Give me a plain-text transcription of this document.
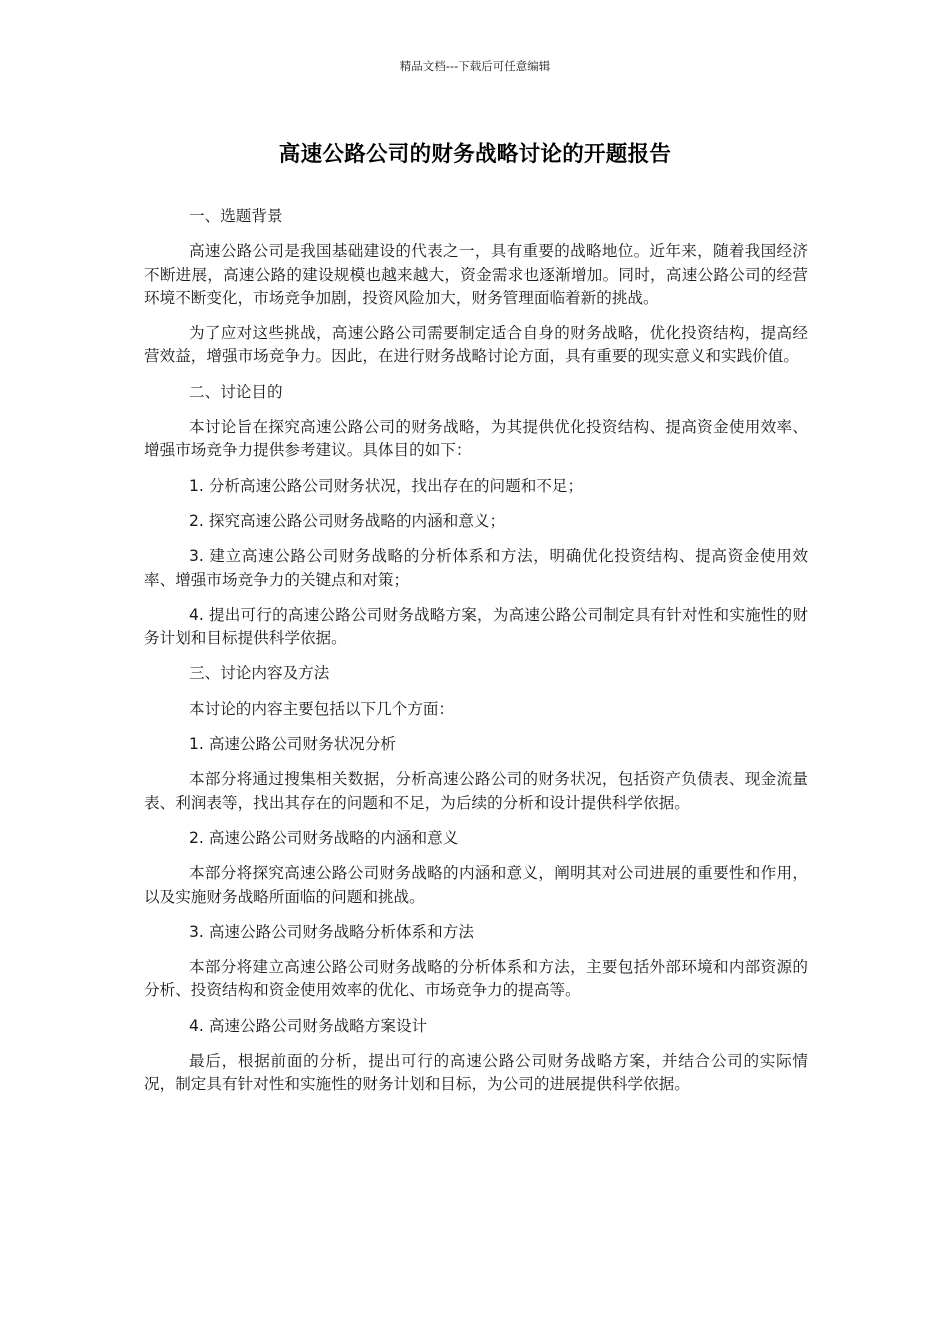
精品文档---下载后可任意编辑
高速公路公司的财务战略讨论的开题报告

一、选题背景

高速公路公司是我国基础建设的代表之一，具有重要的战略地位。近年来，随着我国经济不断进展，高速公路的建设规模也越来越大，资金需求也逐渐增加。同时，高速公路公司的经营环境不断变化，市场竞争加剧，投资风险加大，财务管理面临着新的挑战。

为了应对这些挑战，高速公路公司需要制定适合自身的财务战略，优化投资结构，提高经营效益，增强市场竞争力。因此，在进行财务战略讨论方面，具有重要的现实意义和实践价值。

二、讨论目的

本讨论旨在探究高速公路公司的财务战略，为其提供优化投资结构、提高资金使用效率、增强市场竞争力提供参考建议。具体目的如下：

1. 分析高速公路公司财务状况，找出存在的问题和不足；

2. 探究高速公路公司财务战略的内涵和意义；

3. 建立高速公路公司财务战略的分析体系和方法，明确优化投资结构、提高资金使用效率、增强市场竞争力的关键点和对策；

4. 提出可行的高速公路公司财务战略方案，为高速公路公司制定具有针对性和实施性的财务计划和目标提供科学依据。

三、讨论内容及方法

本讨论的内容主要包括以下几个方面：

1. 高速公路公司财务状况分析

本部分将通过搜集相关数据，分析高速公路公司的财务状况，包括资产负债表、现金流量表、利润表等，找出其存在的问题和不足，为后续的分析和设计提供科学依据。

2. 高速公路公司财务战略的内涵和意义

本部分将探究高速公路公司财务战略的内涵和意义，阐明其对公司进展的重要性和作用，以及实施财务战略所面临的问题和挑战。

3. 高速公路公司财务战略分析体系和方法

本部分将建立高速公路公司财务战略的分析体系和方法，主要包括外部环境和内部资源的分析、投资结构和资金使用效率的优化、市场竞争力的提高等。

4. 高速公路公司财务战略方案设计

最后，根据前面的分析，提出可行的高速公路公司财务战略方案，并结合公司的实际情况，制定具有针对性和实施性的财务计划和目标，为公司的进展提供科学依据。
